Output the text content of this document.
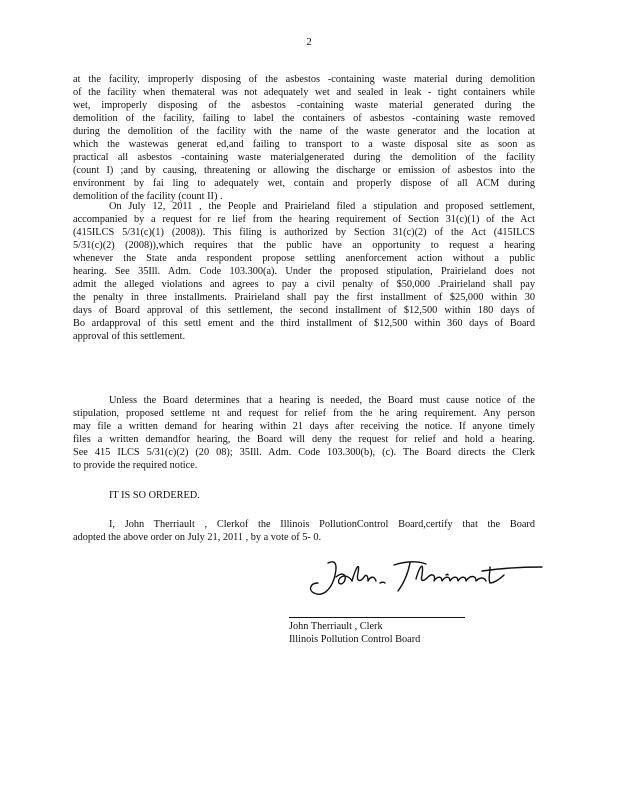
2
at the facility, improperly disposing of the asbestos -containing waste material during demolition
of the facility when themateral was not adequately wet and sealed in leak - tight containers while
wet, improperly disposing of the asbestos -containing waste material generated during the
demolition of the facility, failing to label the containers of asbestos -containing waste removed
during the demolition of the facility with the name of the waste generator and the location at
which the wastewas generat ed,and failing to transport to a waste disposal site as soon as
practical all asbestos -containing waste materialgenerated during the demolition of the facility
(count I) ;and by causing, threatening or allowing the discharge or emission of asbestos into the
environment by fai ling to adequately wet, contain and properly dispose of all ACM during
demolition of the facility (count II) .
On July 12, 2011 , the People and Prairieland filed a stipulation and proposed settlement,
accompanied by a request for re lief from the hearing requirement of Section 31(c)(1) of the Act
(415ILCS 5/31(c)(1) (2008)). This filing is authorized by Section 31(c)(2) of the Act (415ILCS
5/31(c)(2) (2008)),which requires that the public have an opportunity to request a hearing
whenever the State anda respondent propose settling anenforcement action without a public
hearing. See 35Ill. Adm. Code 103.300(a). Under the proposed stipulation, Prairieland does not
admit the alleged violations and agrees to pay a civil penalty of $50,000 .Prairieland shall pay
the penalty in three installments. Prairieland shall pay the first installment of $25,000 within 30
days of Board approval of this settlement, the second installment of $12,500 within 180 days of
Bo ardapproval of this settl ement and the third installment of $12,500 within 360 days of Board
approval of this settlement.
Unless the Board determines that a hearing is needed, the Board must cause notice of the
stipulation, proposed settleme nt and request for relief from the he aring requirement. Any person
may file a written demand for hearing within 21 days after receiving the notice. If anyone timely
files a written demandfor hearing, the Board will deny the request for relief and hold a hearing.
See 415 ILCS 5/31(c)(2) (20 08); 35Ill. Adm. Code 103.300(b), (c). The Board directs the Clerk
to provide the required notice.
IT IS SO ORDERED.
I, John Therriault , Clerkof the Illinois PollutionControl Board,certify that the Board
adopted the above order on July 21, 2011 , by a vote of 5- 0.
John Therriault , Clerk
Illinois Pollution Control Board
